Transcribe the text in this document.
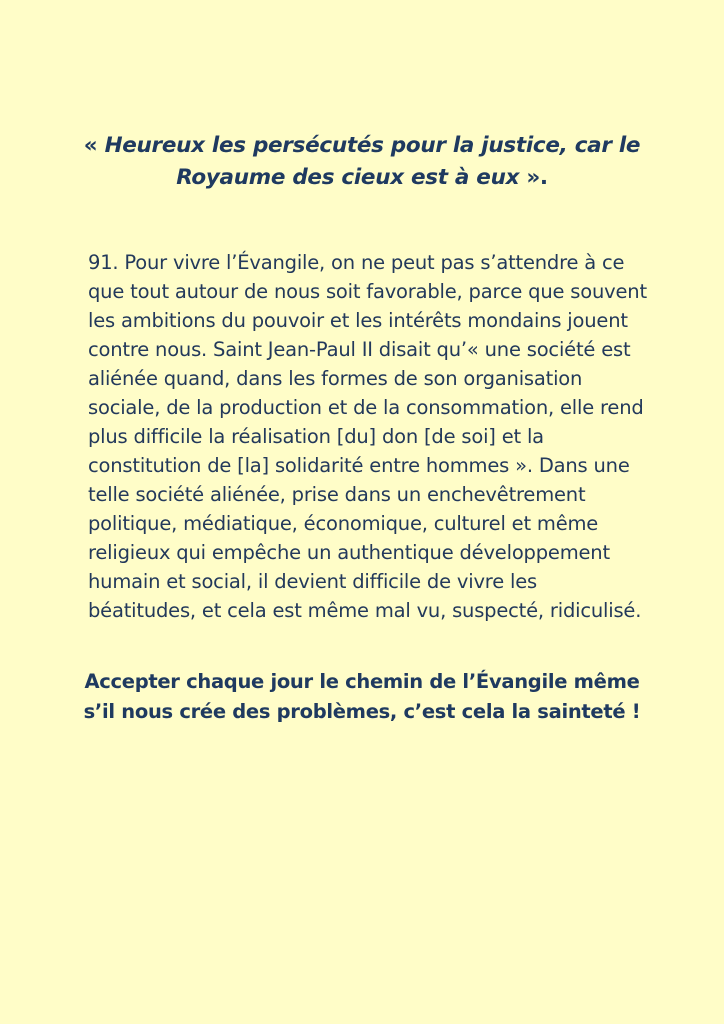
« Heureux les persécutés pour la justice, car le Royaume des cieux est à eux ».
91. Pour vivre l’Évangile, on ne peut pas s’attendre à ce que tout autour de nous soit favorable, parce que souvent les ambitions du pouvoir et les intérêts mondains jouent contre nous. Saint Jean-Paul II disait qu’« une société est aliénée quand, dans les formes de son organisation sociale, de la production et de la consommation, elle rend plus difficile la réalisation [du] don [de soi] et la constitution de [la] solidarité entre hommes ». Dans une telle société aliénée, prise dans un enchevêtrement politique, médiatique, économique, culturel et même religieux qui empêche un authentique développement humain et social, il devient difficile de vivre les béatitudes, et cela est même mal vu, suspecté, ridiculisé.
Accepter chaque jour le chemin de l’Évangile même s’il nous crée des problèmes, c’est cela la sainteté !
